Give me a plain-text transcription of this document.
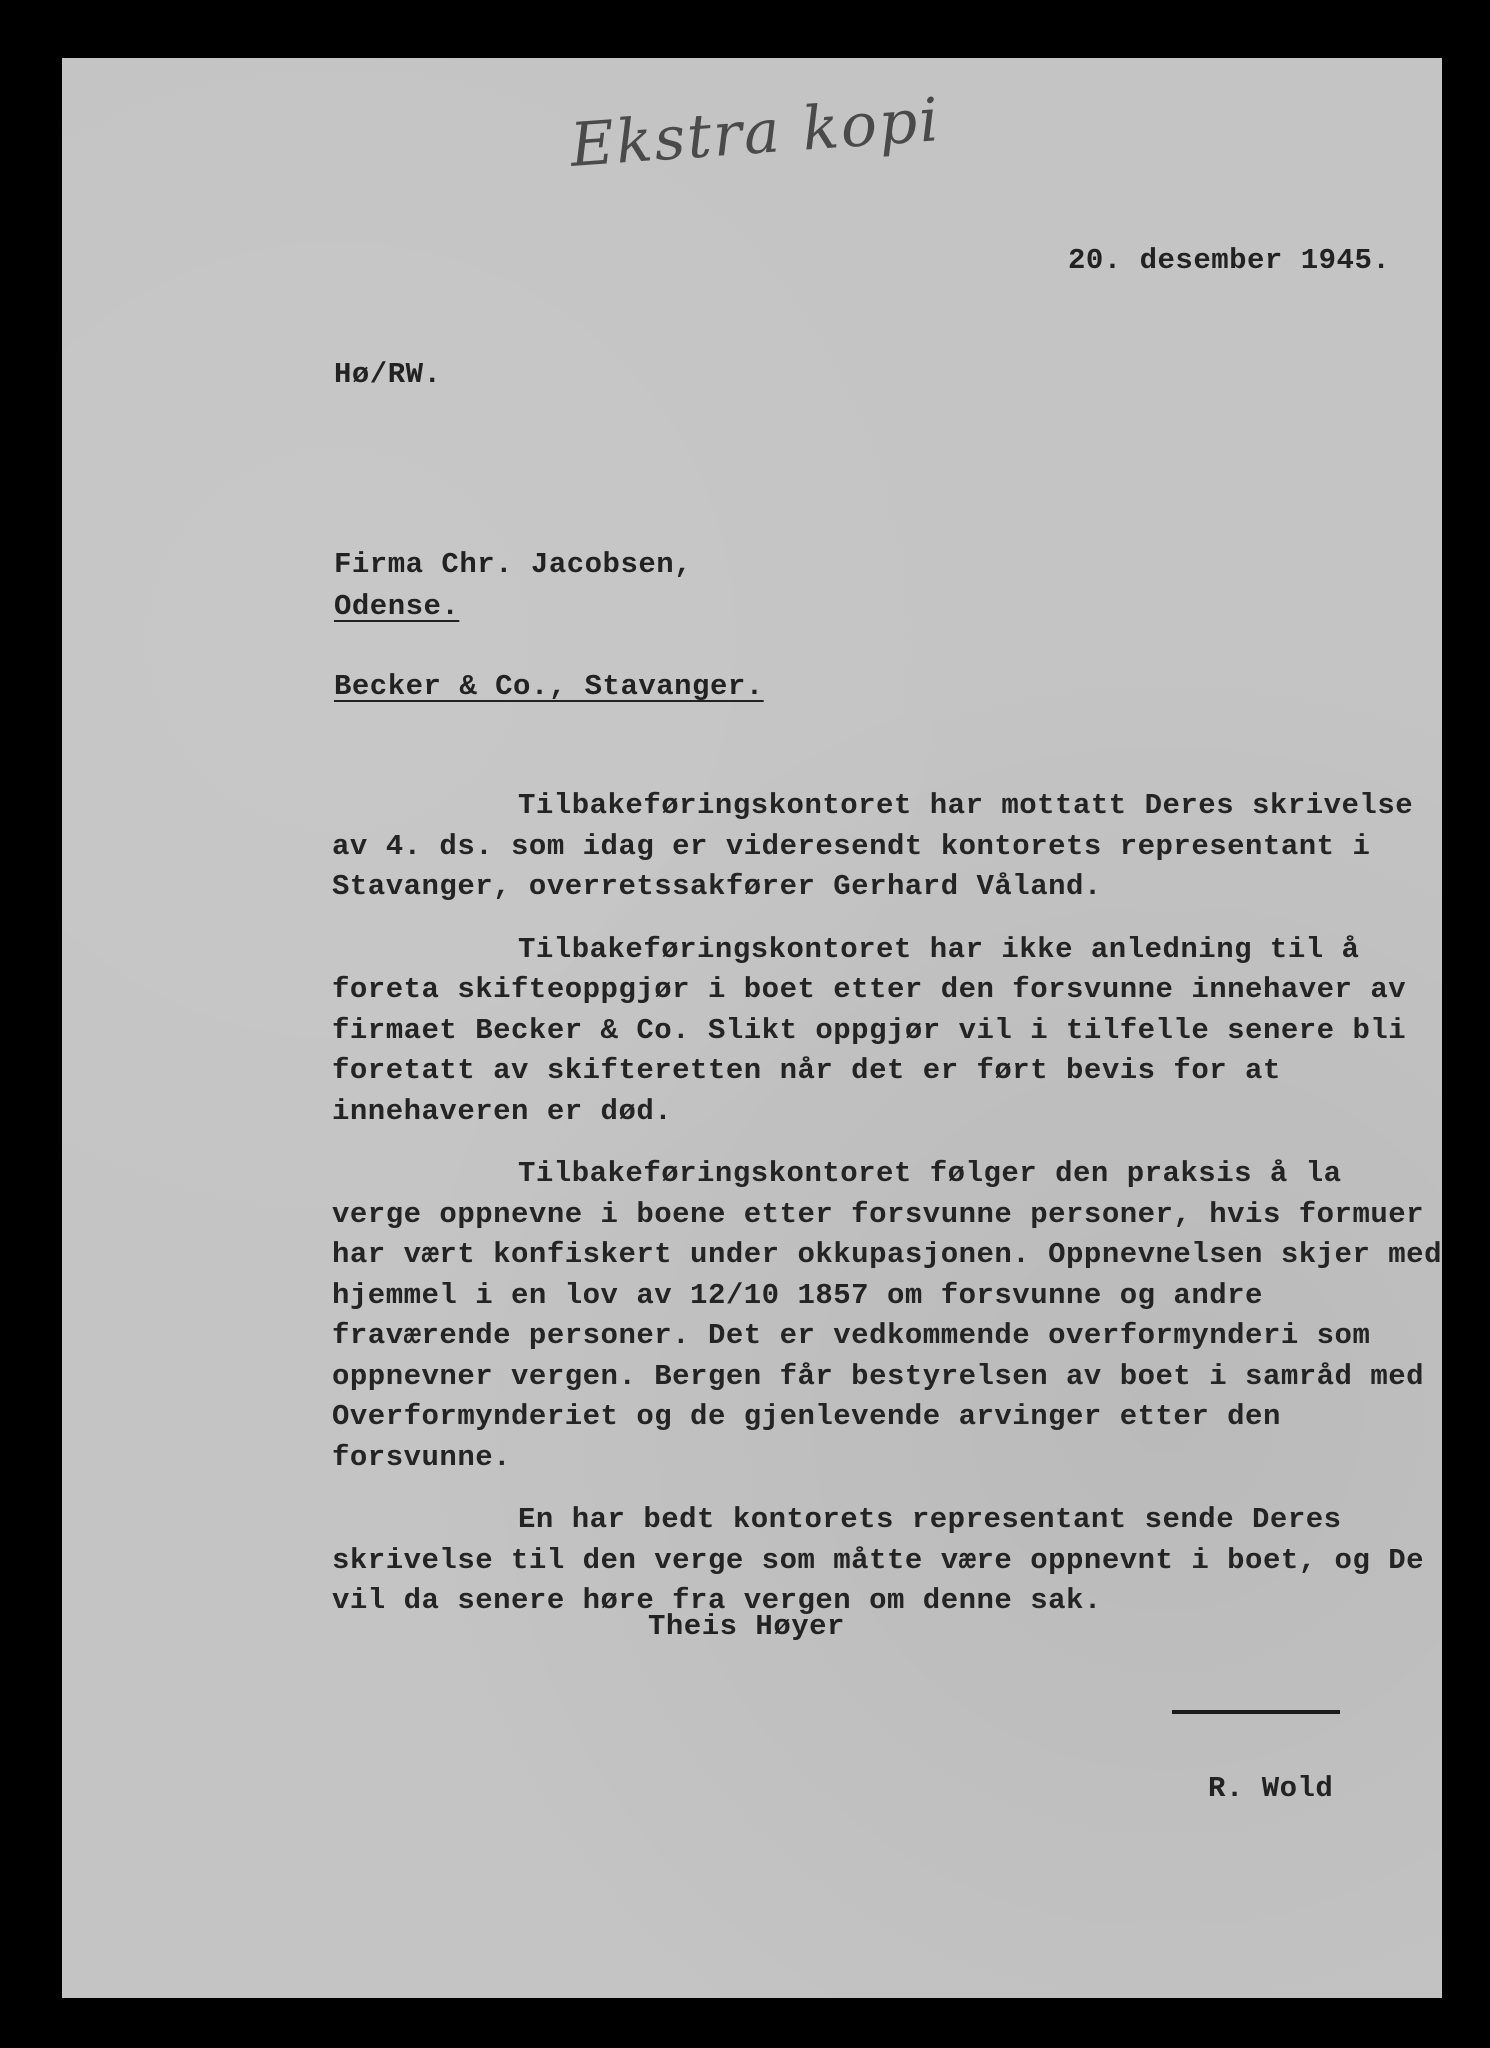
Ekstra kopi
20. desember 1945.
Hø/RW.
Firma Chr. Jacobsen,
Odense.
Becker & Co., Stavanger.

Tilbakeføringskontoret har mottatt Deres skrivelse av 4. ds. som idag er videresendt kontorets representant i Stavanger, overretssakfører Gerhard Våland.

Tilbakeføringskontoret har ikke anledning til å foreta skifteoppgjør i boet etter den forsvunne innehaver av firmaet Becker & Co. Slikt oppgjør vil i tilfelle senere bli foretatt av skifteretten når det er ført bevis for at innehaveren er død.

Tilbakeføringskontoret følger den praksis å la verge oppnevne i boene etter forsvunne personer, hvis formuer har vært konfiskert under okkupasjonen. Oppnevnelsen skjer med hjemmel i en lov av 12/10 1857 om forsvunne og andre fraværende personer. Det er vedkommende overformynderi som oppnevner vergen. Bergen får bestyrelsen av boet i samråd med Overformynderiet og de gjenlevende arvinger etter den forsvunne.

En har bedt kontorets representant sende Deres skrivelse til den verge som måtte være oppnevnt i boet, og De vil da senere høre fra vergen om denne sak.

Theis Høyer
R. Wold
